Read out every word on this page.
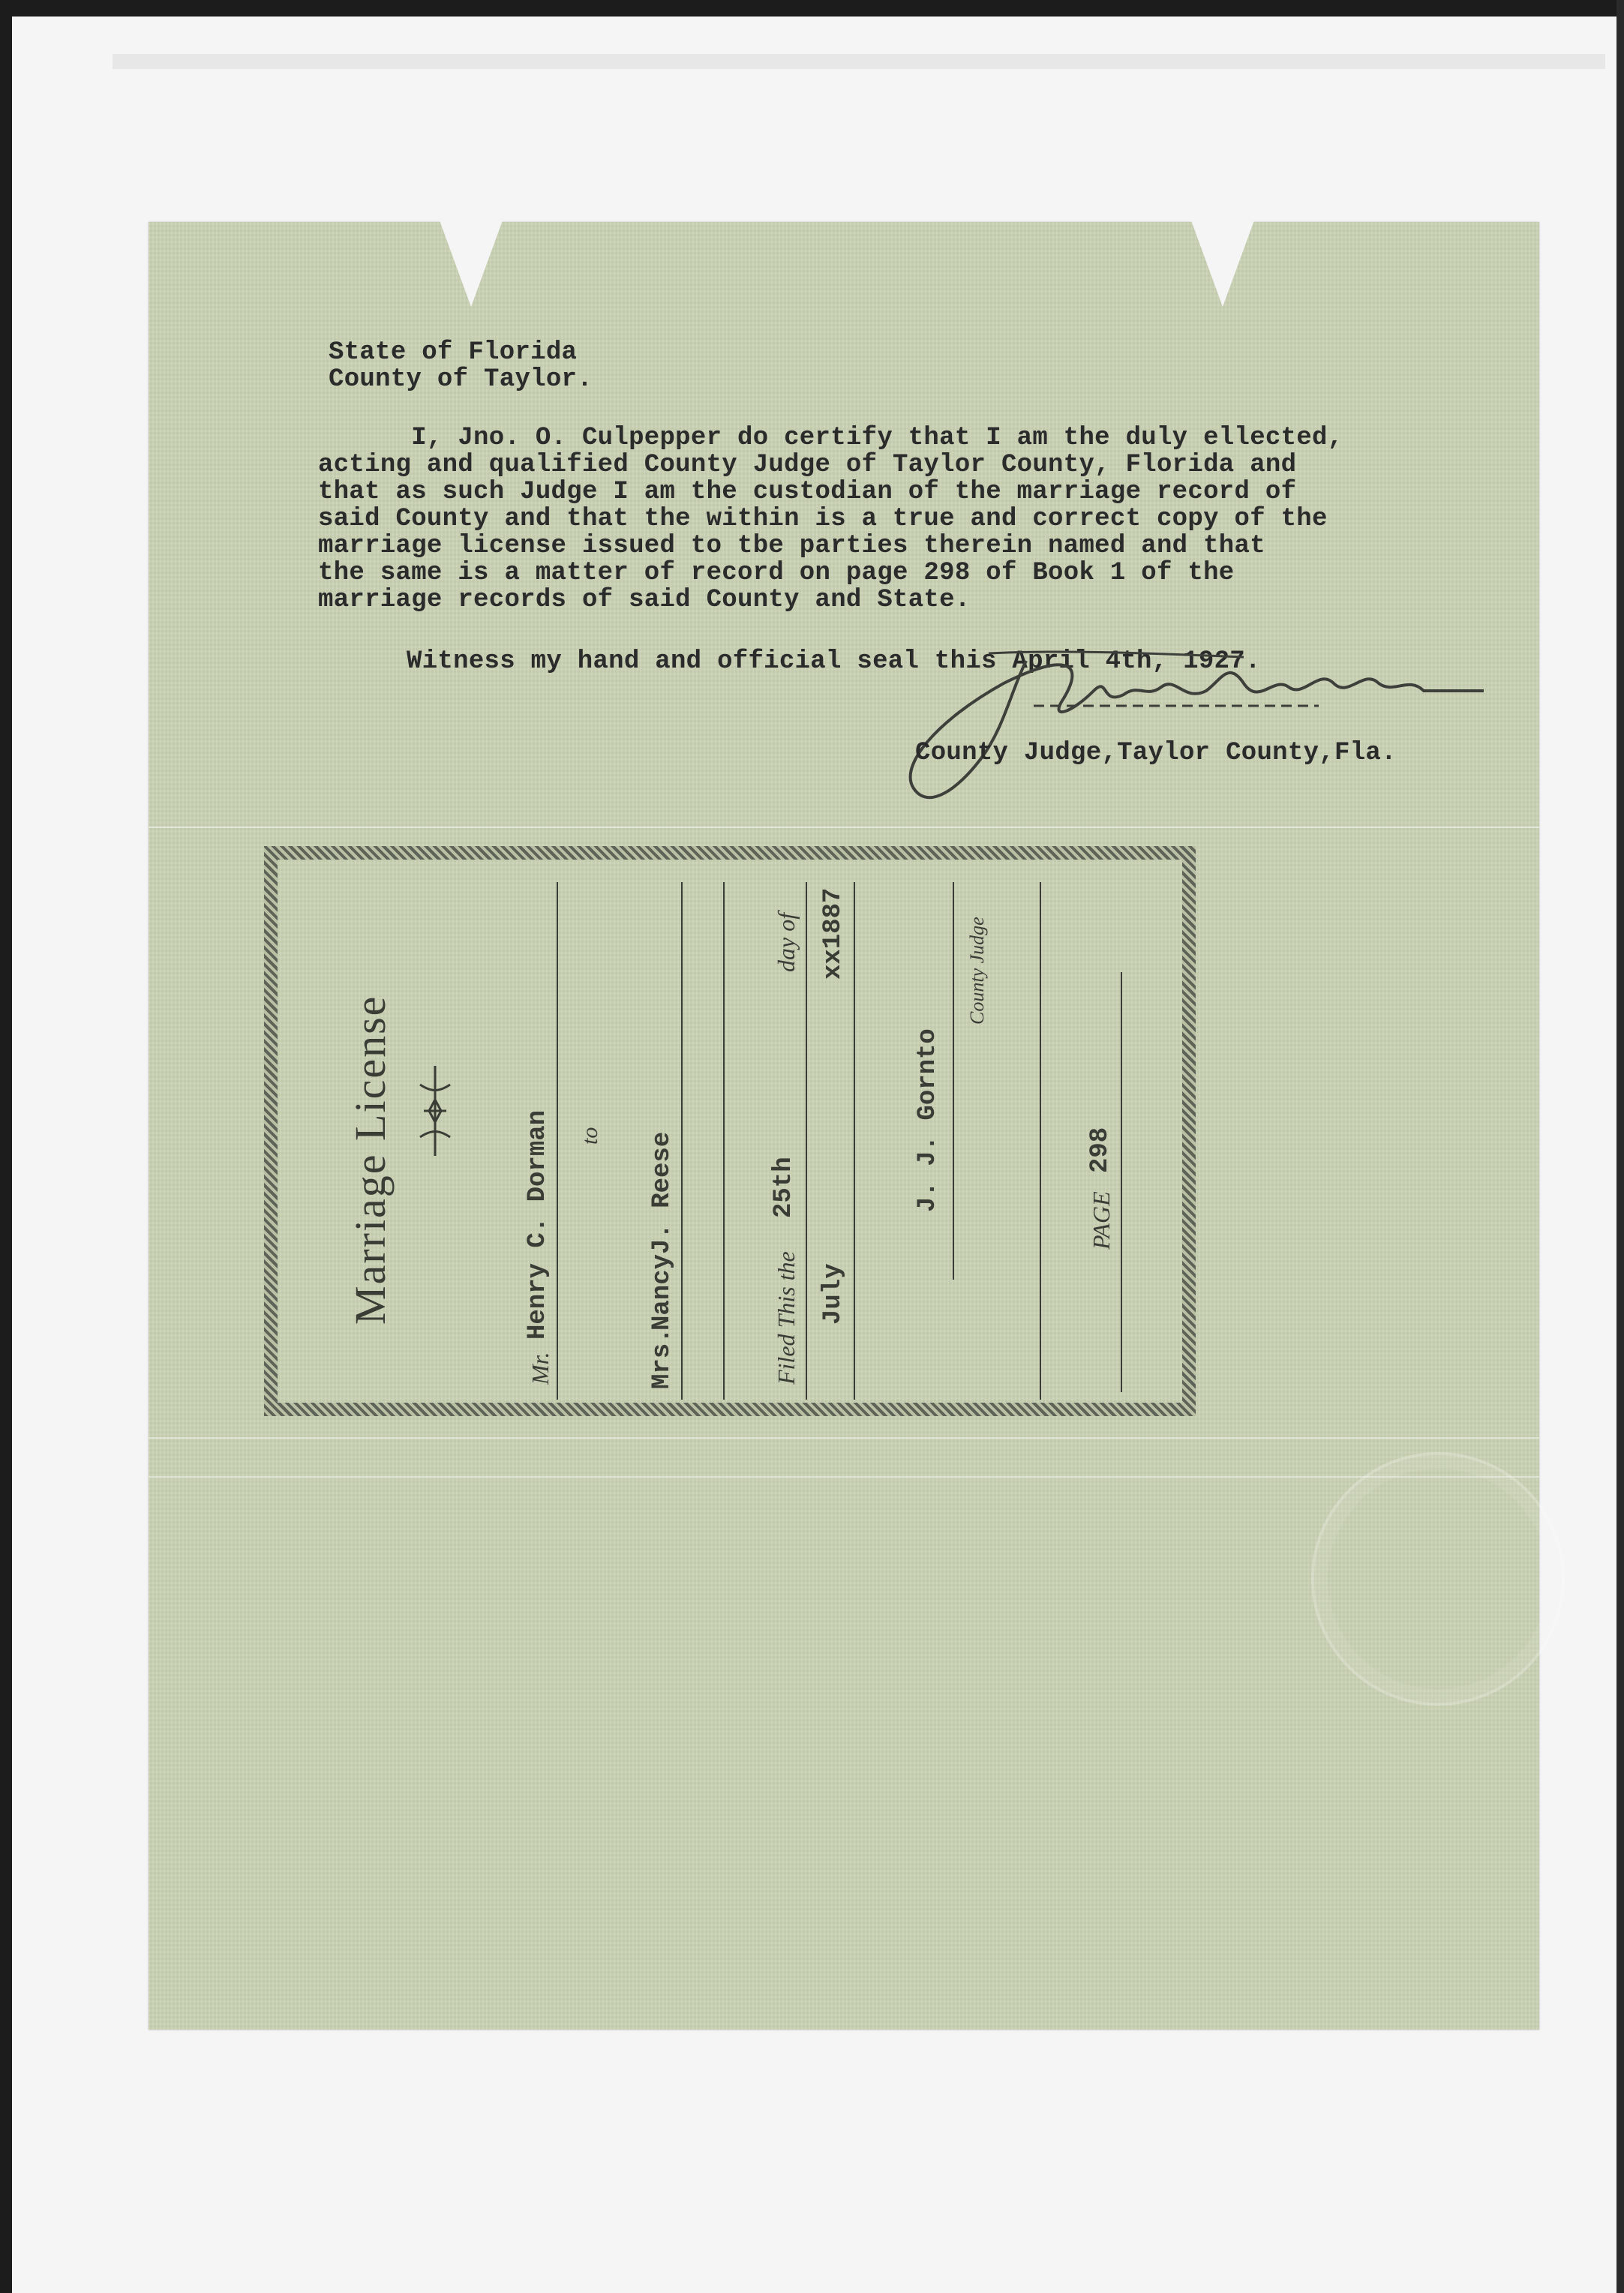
State of Florida
County of Taylor.
I, Jno. O. Culpepper do certify that I am the duly ellected,
acting and qualified County Judge of Taylor County, Florida and
that as such Judge I am the custodian of the marriage record of
said County and that the within is a true and correct copy of the
marriage license issued to tbe parties therein named and that
the same is a matter of record on page 298 of Book 1 of the
marriage records of said County and State.
Witness my hand and official seal this April 4th, 1927.
County Judge,Taylor County,Fla.
Marriage License
Mr.
Henry C. Dorman to
Mrs.
NancyJ. Reese	Filed This the
25th
day of
July
xx1887
J. J. Gornto
County Judge
PAGE
298
